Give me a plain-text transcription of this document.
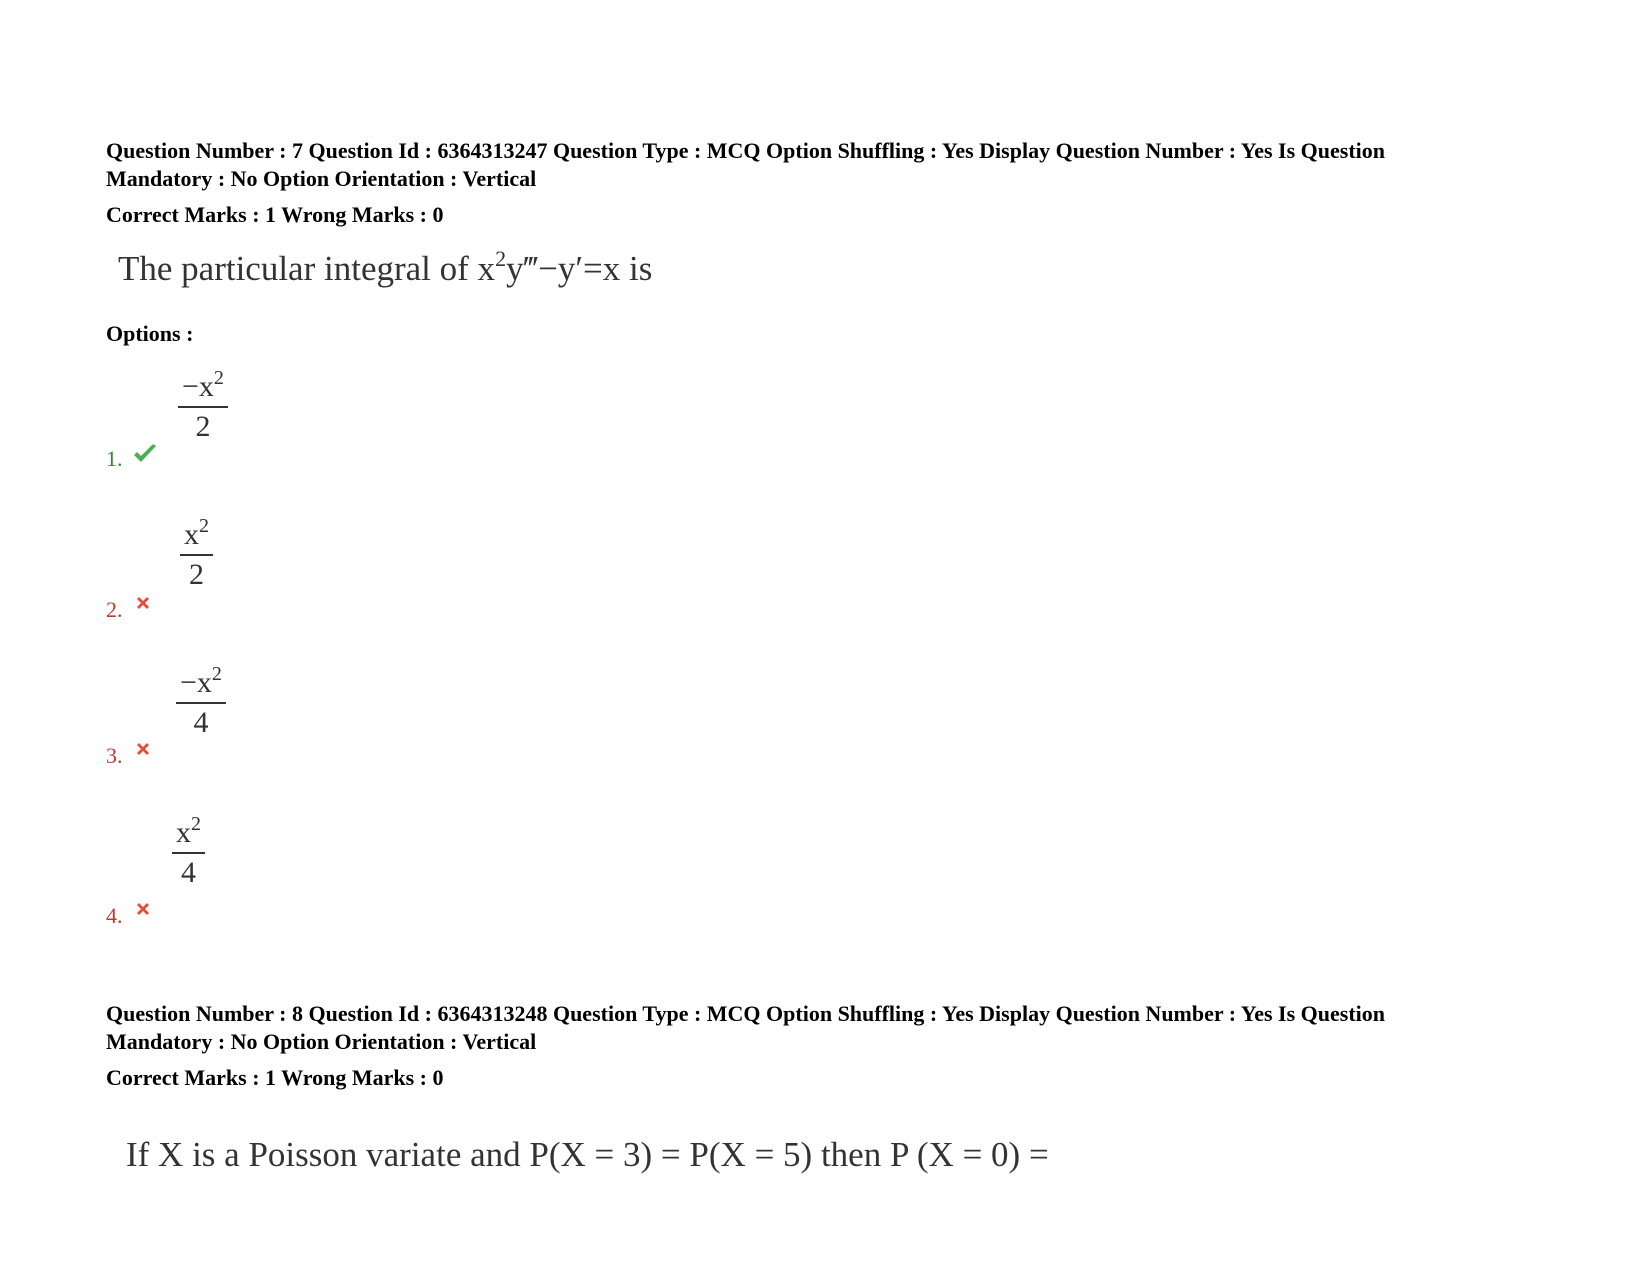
Question Number : 7 Question Id : 6364313247 Question Type : MCQ Option Shuffling : Yes Display Question Number : Yes Is Question

Mandatory : No Option Orientation : Vertical

Correct Marks : 1 Wrong Marks : 0
The particular integral of $x^2y‴-y'=x$ is
Options :
1.
$\frac{-x^2}{2}$
2.
$\frac{x^2}{2}$
3.
$\frac{-x^2}{4}$
4.
$\frac{x^2}{4}$

Question Number : 8 Question Id : 6364313248 Question Type : MCQ Option Shuffling : Yes Display Question Number : Yes Is Question

Mandatory : No Option Orientation : Vertical

Correct Marks : 1 Wrong Marks : 0
If X is a Poisson variate and P(X = 3) = P(X = 5) then P (X = 0) =
